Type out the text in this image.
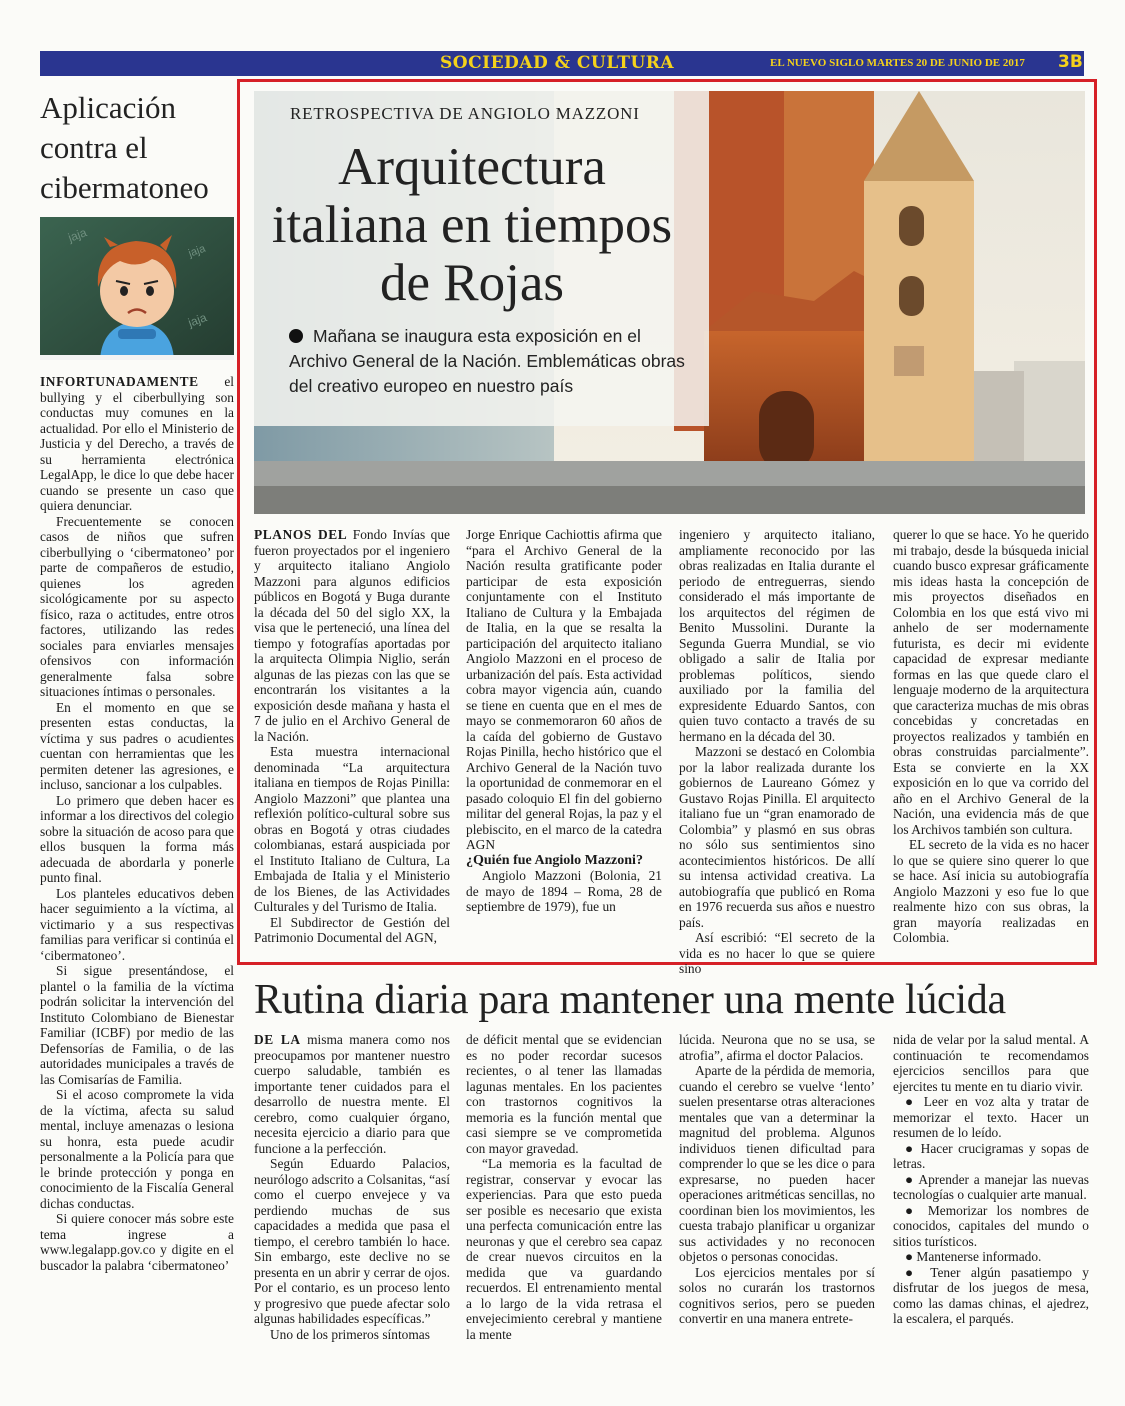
SOCIEDAD & CULTURA	EL NUEVO SIGLO MARTES 20 DE JUNIO DE 2017 3B
Aplicación contra el cibermatoneo
jaja
jaja
jaja

INFORTUNADAMENTE el bullying y el ciberbullying son conductas muy comunes en la actualidad. Por ello el Ministerio de Justicia y del Derecho, a través de su herramienta electrónica LegalApp, le dice lo que debe hacer cuando se presente un caso que quiera denunciar.

Frecuentemente se conocen casos de niños que sufren ciberbullying o ‘cibermatoneo’ por parte de compañeros de estudio, quienes los agreden sicológicamente por su aspecto físico, raza o actitudes, entre otros factores, utilizando las redes sociales para enviarles mensajes ofensivos con información generalmente falsa sobre situaciones íntimas o personales.

En el momento en que se presenten estas conductas, la víctima y sus padres o acudientes cuentan con herramientas que les permiten detener las agresiones, e incluso, sancionar a los culpables.

Lo primero que deben hacer es informar a los directivos del colegio sobre la situación de acoso para que ellos busquen la forma más adecuada de abordarla y ponerle punto final.

Los planteles educativos deben hacer seguimiento a la víctima, al victimario y a sus respectivas familias para verificar si continúa el ‘cibermatoneo’.

Si sigue presentándose, el plantel o la familia de la víctima podrán solicitar la intervención del Instituto Colombiano de Bienestar Familiar (ICBF) por medio de las Defensorías de Familia, o de las autoridades municipales a través de las Comisarías de Familia.

Si el acoso compromete la vida de la víctima, afecta su salud mental, incluye amenazas o lesiona su honra, esta puede acudir personalmente a la Policía para que le brinde protección y ponga en conocimiento de la Fiscalía General dichas conductas.

Si quiere conocer más sobre este tema ingrese a www.legalapp.gov.co y digite en el buscador la palabra ‘cibermatoneo’

RETROSPECTIVA DE ANGIOLO MAZZONI
Arquitectura italiana en tiempos de Rojas
Mañana se inaugura esta exposición en el Archivo General de la Nación. Emblemáticas obras del creativo europeo en nuestro país

PLANOS DEL Fondo Invías que fueron proyectados por el ingeniero y arquitecto italiano Angiolo Mazzoni para algunos edificios públicos en Bogotá y Buga durante la década del 50 del siglo XX, la visa que le perteneció, una línea del tiempo y fotografías aportadas por la arquitecta Olimpia Niglio, serán algunas de las piezas con las que se encontrarán los visitantes a la exposición desde mañana y hasta el 7 de julio en el Archivo General de la Nación.

Esta muestra internacional denominada “La arquitectura italiana en tiempos de Rojas Pinilla: Angiolo Mazzoni” que plantea una reflexión político-cultural sobre sus obras en Bogotá y otras ciudades colombianas, estará auspiciada por el Instituto Italiano de Cultura, La Embajada de Italia y el Ministerio de los Bienes, de las Actividades Culturales y del Turismo de Italia.

El Subdirector de Gestión del Patrimonio Documental del AGN,

Jorge Enrique Cachiottis afirma que “para el Archivo General de la Nación resulta gratificante poder participar de esta exposición conjuntamente con el Instituto Italiano de Cultura y la Embajada de Italia, en la que se resalta la participación del arquitecto italiano Angiolo Mazzoni en el proceso de urbanización del país. Esta actividad cobra mayor vigencia aún, cuando se tiene en cuenta que en el mes de mayo se conmemoraron 60 años de la caída del gobierno de Gustavo Rojas Pinilla, hecho histórico que el Archivo General de la Nación tuvo la oportunidad de conmemorar en el pasado coloquio El fin del gobierno militar del general Rojas, la paz y el plebiscito, en el marco de la catedra AGN

¿Quién fue Angiolo Mazzoni?

Angiolo Mazzoni (Bolonia, 21 de mayo de 1894 – Roma, 28 de septiembre de 1979), fue un

ingeniero y arquitecto italiano, ampliamente reconocido por las obras realizadas en Italia durante el periodo de entreguerras, siendo considerado el más importante de los arquitectos del régimen de Benito Mussolini. Durante la Segunda Guerra Mundial, se vio obligado a salir de Italia por problemas políticos, siendo auxiliado por la familia del expresidente Eduardo Santos, con quien tuvo contacto a través de su hermano en la década del 30.

Mazzoni se destacó en Colombia por la labor realizada durante los gobiernos de Laureano Gómez y Gustavo Rojas Pinilla. El arquitecto italiano fue un “gran enamorado de Colombia” y plasmó en sus obras no sólo sus sentimientos sino acontecimientos históricos. De allí su intensa actividad creativa. La autobiografía que publicó en Roma en 1976 recuerda sus años e nuestro país.

Así escribió: “El secreto de la vida es no hacer lo que se quiere sino

querer lo que se hace. Yo he querido mi trabajo, desde la búsqueda inicial cuando busco expresar gráficamente mis ideas hasta la concepción de mis proyectos diseñados en Colombia en los que está vivo mi anhelo de ser modernamente futurista, es decir mi evidente capacidad de expresar mediante formas en las que quede claro el lenguaje moderno de la arquitectura que caracteriza muchas de mis obras concebidas y concretadas en proyectos realizados y también en obras construidas parcialmente”. Esta se convierte en la XX exposición en lo que va corrido del año en el Archivo General de la Nación, una evidencia más de que los Archivos también son cultura.

EL secreto de la vida es no hacer lo que se quiere sino querer lo que se hace. Así inicia su autobiografía Angiolo Mazzoni y eso fue lo que realmente hizo con sus obras, la gran mayoría realizadas en Colombia.

Rutina diaria para mantener una mente lúcida

DE LA misma manera como nos preocupamos por mantener nuestro cuerpo saludable, también es importante tener cuidados para el desarrollo de nuestra mente. El cerebro, como cualquier órgano, necesita ejercicio a diario para que funcione a la perfección.

Según Eduardo Palacios, neurólogo adscrito a Colsanitas, “así como el cuerpo envejece y va perdiendo muchas de sus capacidades a medida que pasa el tiempo, el cerebro también lo hace. Sin embargo, este declive no se presenta en un abrir y cerrar de ojos. Por el contario, es un proceso lento y progresivo que puede afectar solo algunas habilidades específicas.”

Uno de los primeros síntomas

de déficit mental que se evidencian es no poder recordar sucesos recientes, o al tener las llamadas lagunas mentales. En los pacientes con trastornos cognitivos la memoria es la función mental que casi siempre se ve comprometida con mayor gravedad.

“La memoria es la facultad de registrar, conservar y evocar las experiencias. Para que esto pueda ser posible es necesario que exista una perfecta comunicación entre las neuronas y que el cerebro sea capaz de crear nuevos circuitos en la medida que va guardando recuerdos. El entrenamiento mental a lo largo de la vida retrasa el envejecimiento cerebral y mantiene la mente

lúcida. Neurona que no se usa, se atrofia”, afirma el doctor Palacios.

Aparte de la pérdida de memoria, cuando el cerebro se vuelve ‘lento’ suelen presentarse otras alteraciones mentales que van a determinar la magnitud del problema. Algunos individuos tienen dificultad para comprender lo que se les dice o para expresarse, no pueden hacer operaciones aritméticas sencillas, no coordinan bien los movimientos, les cuesta trabajo planificar u organizar sus actividades y no reconocen objetos o personas conocidas.

Los ejercicios mentales por sí solos no curarán los trastornos cognitivos serios, pero se pueden convertir en una manera entrete-

nida de velar por la salud mental. A continuación te recomendamos ejercicios sencillos para que ejercites tu mente en tu diario vivir.

● Leer en voz alta y tratar de memorizar el texto. Hacer un resumen de lo leído.

● Hacer crucigramas y sopas de letras.

● Aprender a manejar las nuevas tecnologías o cualquier arte manual.

● Memorizar los nombres de conocidos, capitales del mundo o sitios turísticos.

● Mantenerse informado.

● Tener algún pasatiempo y disfrutar de los juegos de mesa, como las damas chinas, el ajedrez, la escalera, el parqués.
